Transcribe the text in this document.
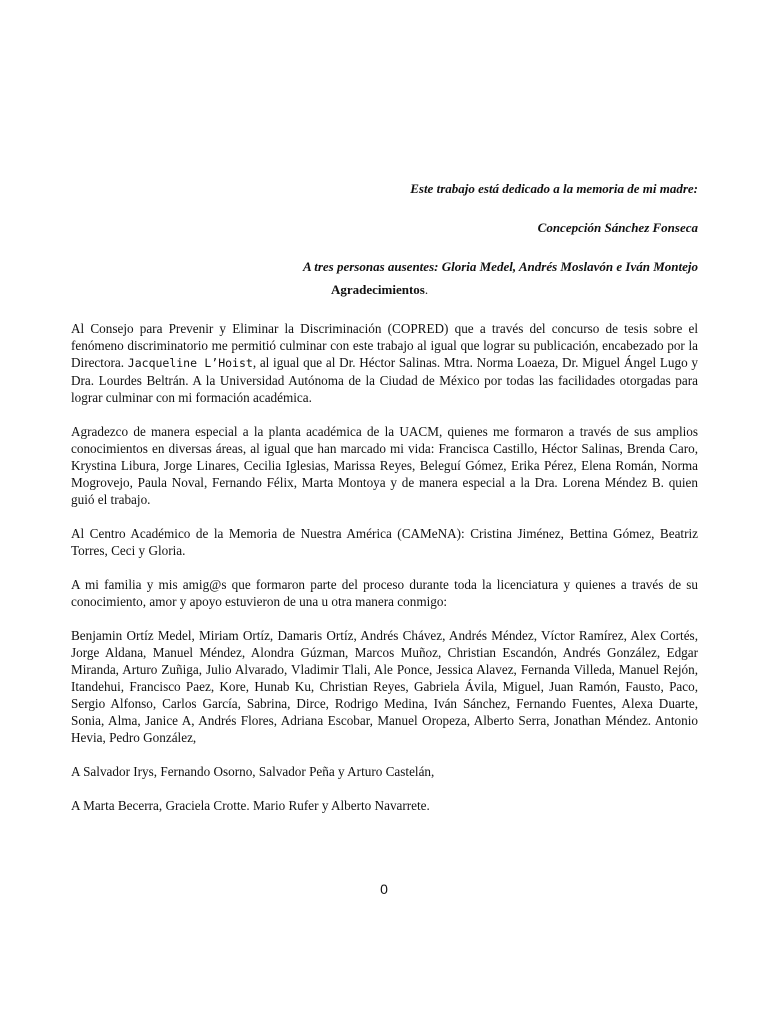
Este trabajo está dedicado a la memoria de mi madre:

Concepción Sánchez Fonseca

A tres personas ausentes: Gloria Medel, Andrés Moslavón e Iván Montejo

Agradecimientos.

Al Consejo para Prevenir y Eliminar la Discriminación (COPRED) que a través del concurso de tesis sobre el fenómeno discriminatorio me permitió culminar con este trabajo al igual que lograr su publicación, encabezado por la Directora. Jacqueline L’Hoist, al igual que al Dr. Héctor Salinas. Mtra. Norma Loaeza, Dr. Miguel Ángel Lugo y Dra. Lourdes Beltrán. A la Universidad Autónoma de la Ciudad de México por todas las facilidades otorgadas para lograr culminar con mi formación académica.

Agradezco de manera especial a la planta académica de la UACM, quienes me formaron a través de sus amplios conocimientos en diversas áreas, al igual que han marcado mi vida: Francisca Castillo, Héctor Salinas, Brenda Caro, Krystina Libura, Jorge Linares, Cecilia Iglesias, Marissa Reyes, Beleguí Gómez, Erika Pérez, Elena Román, Norma Mogrovejo, Paula Noval, Fernando Félix, Marta Montoya y de manera especial a la Dra. Lorena Méndez B. quien guió el trabajo.

Al Centro Académico de la Memoria de Nuestra América (CAMeNA): Cristina Jiménez, Bettina Gómez, Beatriz Torres, Ceci y Gloria.

A mi familia y mis amig@s que formaron parte del proceso durante toda la licenciatura y quienes a través de su conocimiento, amor y apoyo estuvieron de una u otra manera conmigo:

Benjamin Ortíz Medel, Miriam Ortíz, Damaris Ortíz, Andrés Chávez, Andrés Méndez, Víctor Ramírez, Alex Cortés, Jorge Aldana, Manuel Méndez, Alondra Gúzman, Marcos Muñoz, Christian Escandón, Andrés González, Edgar Miranda, Arturo Zuñiga, Julio Alvarado, Vladimir Tlali, Ale Ponce, Jessica Alavez, Fernanda Villeda, Manuel Rejón, Itandehui, Francisco Paez, Kore, Hunab Ku, Christian Reyes, Gabriela Ávila, Miguel, Juan Ramón, Fausto, Paco, Sergio Alfonso, Carlos García, Sabrina, Dirce, Rodrigo Medina, Iván Sánchez, Fernando Fuentes, Alexa Duarte, Sonia, Alma, Janice A, Andrés Flores, Adriana Escobar, Manuel Oropeza, Alberto Serra, Jonathan Méndez. Antonio Hevia, Pedro González,

A Salvador Irys, Fernando Osorno, Salvador Peña y Arturo Castelán,

A Marta Becerra, Graciela Crotte. Mario Rufer y Alberto Navarrete.

0
